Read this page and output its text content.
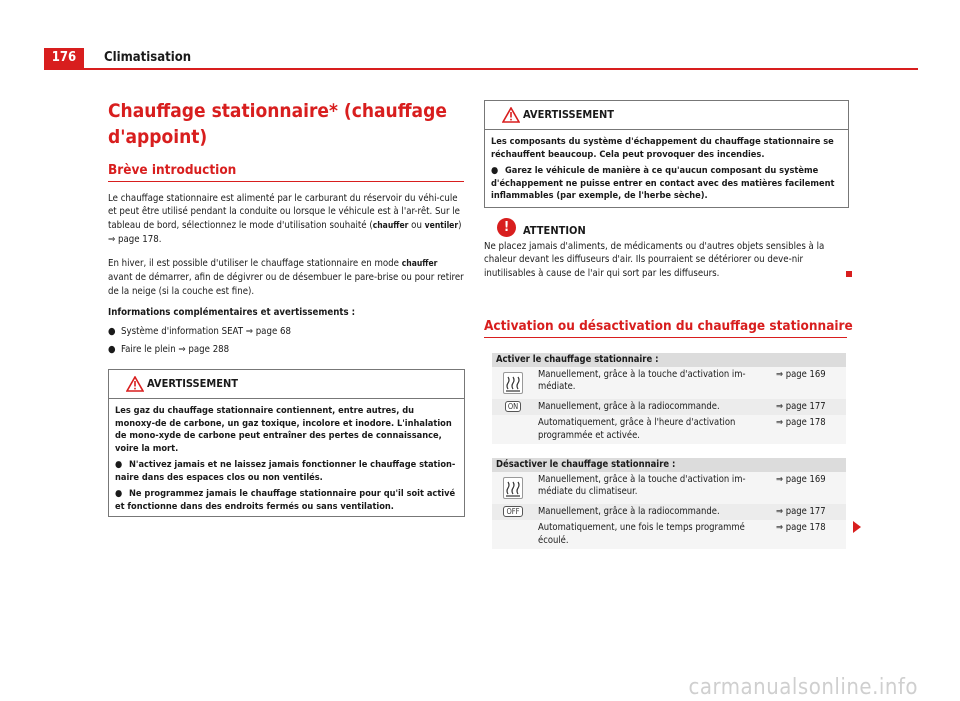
176	Climatisation
Chauffage stationnaire* (chauffage d'appoint)
Brève introduction
Le chauffage stationnaire est alimenté par le carburant du réservoir du véhi-cule et peut être utilisé pendant la conduite ou lorsque le véhicule est à l'ar-rêt. Sur le tableau de bord, sélectionnez le mode d'utilisation souhaité (chauffer ou ventiler) ⇒ page 178.
En hiver, il est possible d'utiliser le chauffage stationnaire en mode chauffer avant de démarrer, afin de dégivrer ou de désembuer le pare-brise ou pour retirer de la neige (si la couche est fine).
Informations complémentaires et avertissements :
● Système d'information SEAT ⇒ page 68
● Faire le plein ⇒ page 288
AVERTISSEMENT

Les gaz du chauffage stationnaire contiennent, entre autres, du monoxy-de de carbone, un gaz toxique, incolore et inodore. L'inhalation de mono-xyde de carbone peut entraîner des pertes de connaissance, voire la mort.

● N'activez jamais et ne laissez jamais fonctionner le chauffage station-naire dans des espaces clos ou non ventilés.

● Ne programmez jamais le chauffage stationnaire pour qu'il soit activé et fonctionne dans des endroits fermés ou sans ventilation.

AVERTISSEMENT

Les composants du système d'échappement du chauffage stationnaire se réchauffent beaucoup. Cela peut provoquer des incendies.

● Garez le véhicule de manière à ce qu'aucun composant du système d'échappement ne puisse entrer en contact avec des matières facilement inflammables (par exemple, de l'herbe sèche).

!	ATTENTION
Ne placez jamais d'aliments, de médicaments ou d'autres objets sensibles à la chaleur devant les diffuseurs d'air. Ils pourraient se détériorer ou deve-nir inutilisables à cause de l'air qui sort par les diffuseurs.
Activation ou désactivation du chauffage stationnaire
Activer le chauffage stationnaire :
	Manuellement, grâce à la touche d'activation im-médiate.	⇒ page 169
ON	Manuellement, grâce à la radiocommande.	⇒ page 177
	Automatiquement, grâce à l'heure d'activation programmée et activée.	⇒ page 178
Désactiver le chauffage stationnaire :
	Manuellement, grâce à la touche d'activation im-médiate du climatiseur.	⇒ page 169
OFF	Manuellement, grâce à la radiocommande.	⇒ page 177
	Automatiquement, une fois le temps programmé écoulé.	⇒ page 178
carmanualsonline.info
